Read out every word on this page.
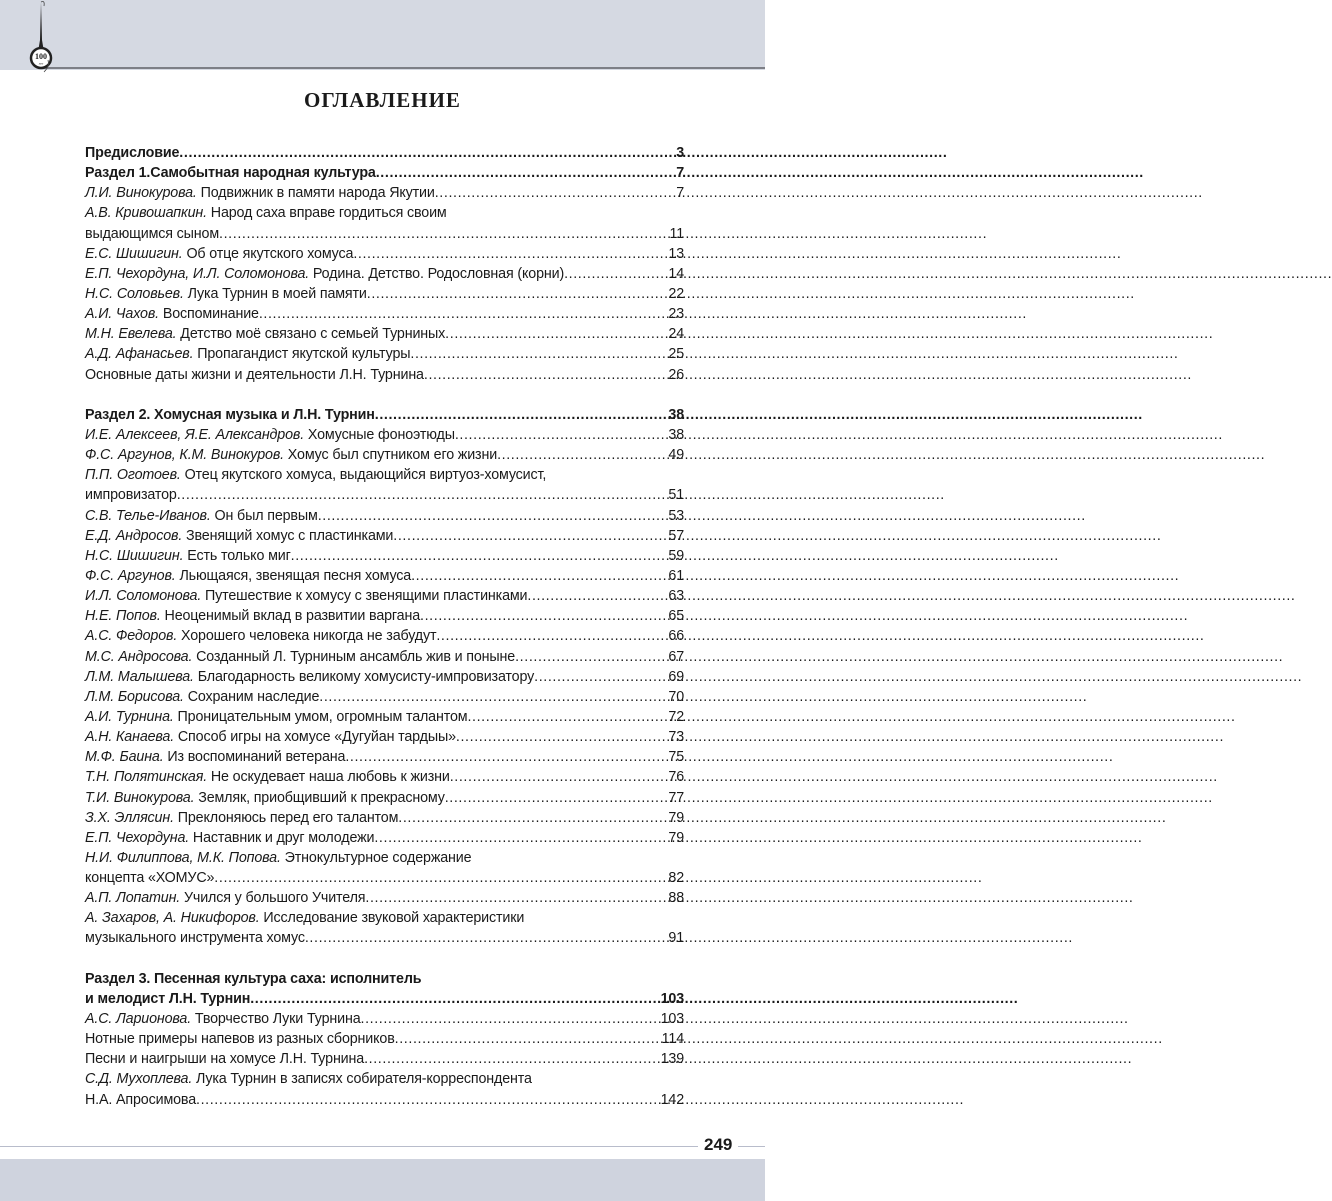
100
лет
ОГЛАВЛЕНИЕ
Предисловие .....	3
Раздел 1.Самобытная народная культура .....	7
Л.И. Винокурова. Подвижник в памяти народа Якутии .....	7
А.В. Кривошапкин. Народ саха вправе гордиться своим
выдающимся сыном .....	11
Е.С. Шишигин. Об отце якутского хомуса .....	13
Е.П. Чехордуна, И.Л. Соломонова. Родина. Детство. Родословная (корни) .....	14
Н.С. Соловьев. Лука Турнин в моей памяти .....	22
А.И. Чахов. Воспоминание .....	23
М.Н. Евелева. Детство моё связано с семьей Турниных .....	24
А.Д. Афанасьев. Пропагандист якутской культуры .....	25
Основные даты жизни и деятельности Л.Н. Турнина .....	26
Раздел 2. Хомусная музыка и Л.Н. Турнин .....	38
И.Е. Алексеев, Я.Е. Александров. Хомусные фоноэтюды .....	38
Ф.С. Аргунов, К.М. Винокуров. Хомус был спутником его жизни .....	49
П.П. Оготоев. Отец якутского хомуса, выдающийся виртуоз-хомусист,
импровизатор .....	51
С.В. Телье-Иванов. Он был первым .....	53
Е.Д. Андросов. Звенящий хомус с пластинками .....	57
Н.С. Шишигин. Есть только миг .....	59
Ф.С. Аргунов. Льющаяся, звенящая песня хомуса .....	61
И.Л. Соломонова. Путешествие к хомусу с звенящими пластинками .....	63
Н.Е. Попов. Неоценимый вклад в развитии варгана .....	65
А.С. Федоров. Хорошего человека никогда не забудут .....	66
М.С. Андросова. Созданный Л. Турниным ансамбль жив и поныне .....	67
Л.М. Малышева. Благодарность великому хомусисту-импровизатору .....	69
Л.М. Борисова. Сохраним наследие .....	70
А.И. Турнина. Проницательным умом, огромным талантом .....	72
А.Н. Канаева. Способ игры на хомусе «Дугуйан тардыы» .....	73
М.Ф. Баина. Из воспоминаний ветерана .....	75
Т.Н. Полятинская. Не оскудевает наша любовь к жизни .....	76
Т.И. Винокурова. Земляк, приобщивший к прекрасному .....	77
З.Х. Эллясин. Преклоняюсь перед его талантом .....	79
Е.П. Чехордуна. Наставник и друг молодежи .....	79
Н.И. Филиппова, М.К. Попова. Этнокультурное содержание
концепта «ХОМУС» .....	82
А.П. Лопатин. Учился у большого Учителя .....	88
А. Захаров, А. Никифоров. Исследование звуковой характеристики
музыкального инструмента хомус .....	91
Раздел 3. Песенная культура саха: исполнитель
и мелодист Л.Н. Турнин .....	103
А.С. Ларионова. Творчество Луки Турнина .....	103
Нотные примеры напевов из разных сборников .....	114
Песни и наигрыши на хомусе Л.Н. Турнина .....	139
С.Д. Мухоплева. Лука Турнин в записях собирателя-корреспондента
Н.А. Апросимова .....	142
249
